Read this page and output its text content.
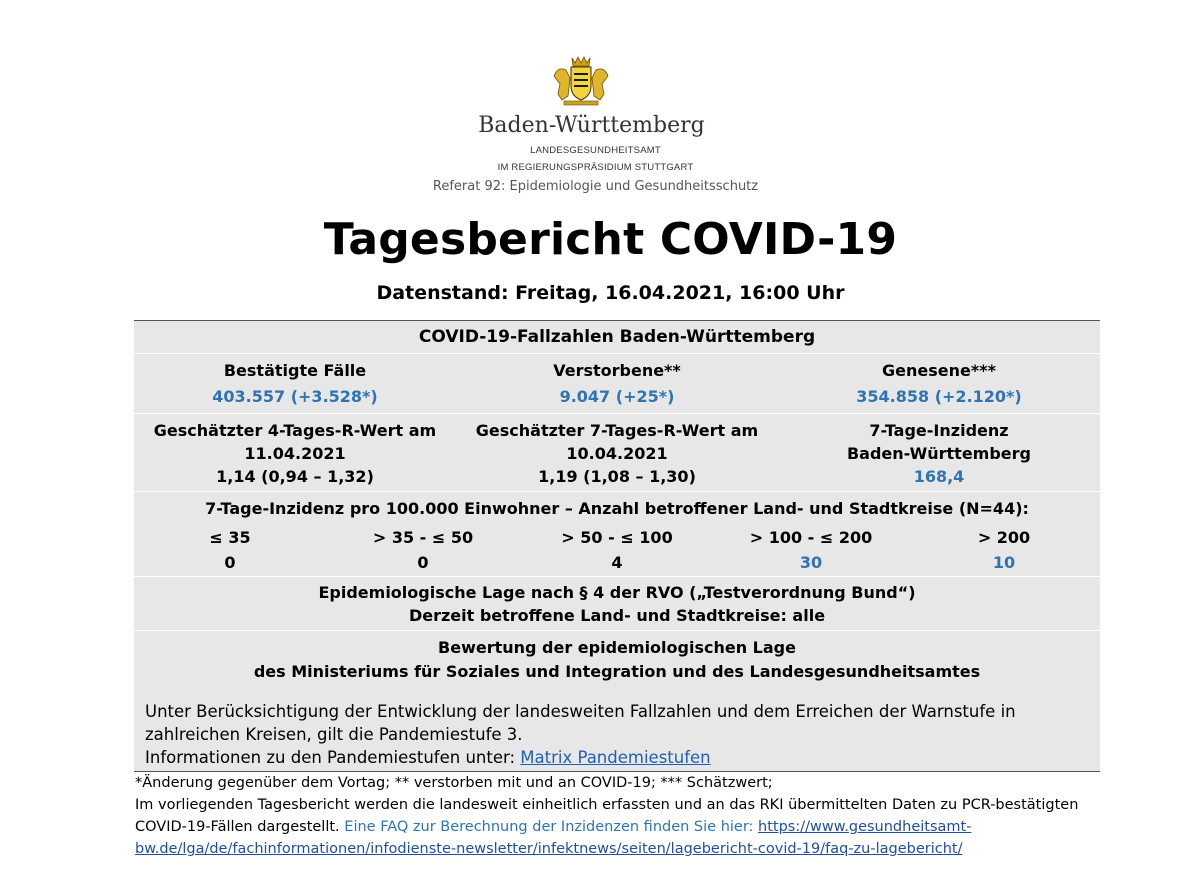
Baden-Württemberg
LANDESGESUNDHEITSAMT
IM REGIERUNGSPRÄSIDIUM STUTTGART
Referat 92: Epidemiologie und Gesundheitsschutz
Tagesbericht COVID-19
Datenstand: Freitag, 16.04.2021, 16:00 Uhr
COVID-19-Fallzahlen Baden-Württemberg
Bestätigte Fälle
403.557 (+3.528*)
Verstorbene**
9.047 (+25*)
Genesene***
354.858 (+2.120*)
Geschätzter 4-Tages-R-Wert am
11.04.2021
1,14 (0,94 – 1,32)
Geschätzter 7-Tages-R-Wert am
10.04.2021
1,19 (1,08 – 1,30)
7-Tage-Inzidenz
Baden-Württemberg
168,4
7-Tage-Inzidenz pro 100.000 Einwohner – Anzahl betroffener Land- und Stadtkreise (N=44):
≤ 35
0
> 35 - ≤ 50
0
> 50 - ≤ 100
4
> 100 - ≤ 200
30
> 200
10
Epidemiologische Lage nach § 4 der RVO („Testverordnung Bund“)
Derzeit betroffene Land- und Stadtkreise: alle
Bewertung der epidemiologischen Lage
des Ministeriums für Soziales und Integration und des Landesgesundheitsamtes
Unter Berücksichtigung der Entwicklung der landesweiten Fallzahlen und dem Erreichen der Warnstufe in
zahlreichen Kreisen, gilt die Pandemiestufe 3.
Informationen zu den Pandemiestufen unter: Matrix Pandemiestufen
*Änderung gegenüber dem Vortag; ** verstorben mit und an COVID-19; *** Schätzwert;
Im vorliegenden Tagesbericht werden die landesweit einheitlich erfassten und an das RKI übermittelten Daten zu PCR-bestätigten
COVID-19-Fällen dargestellt. Eine FAQ zur Berechnung der Inzidenzen finden Sie hier: https://www.gesundheitsamt-
bw.de/lga/de/fachinformationen/infodienste-newsletter/infektnews/seiten/lagebericht-covid-19/faq-zu-lagebericht/
